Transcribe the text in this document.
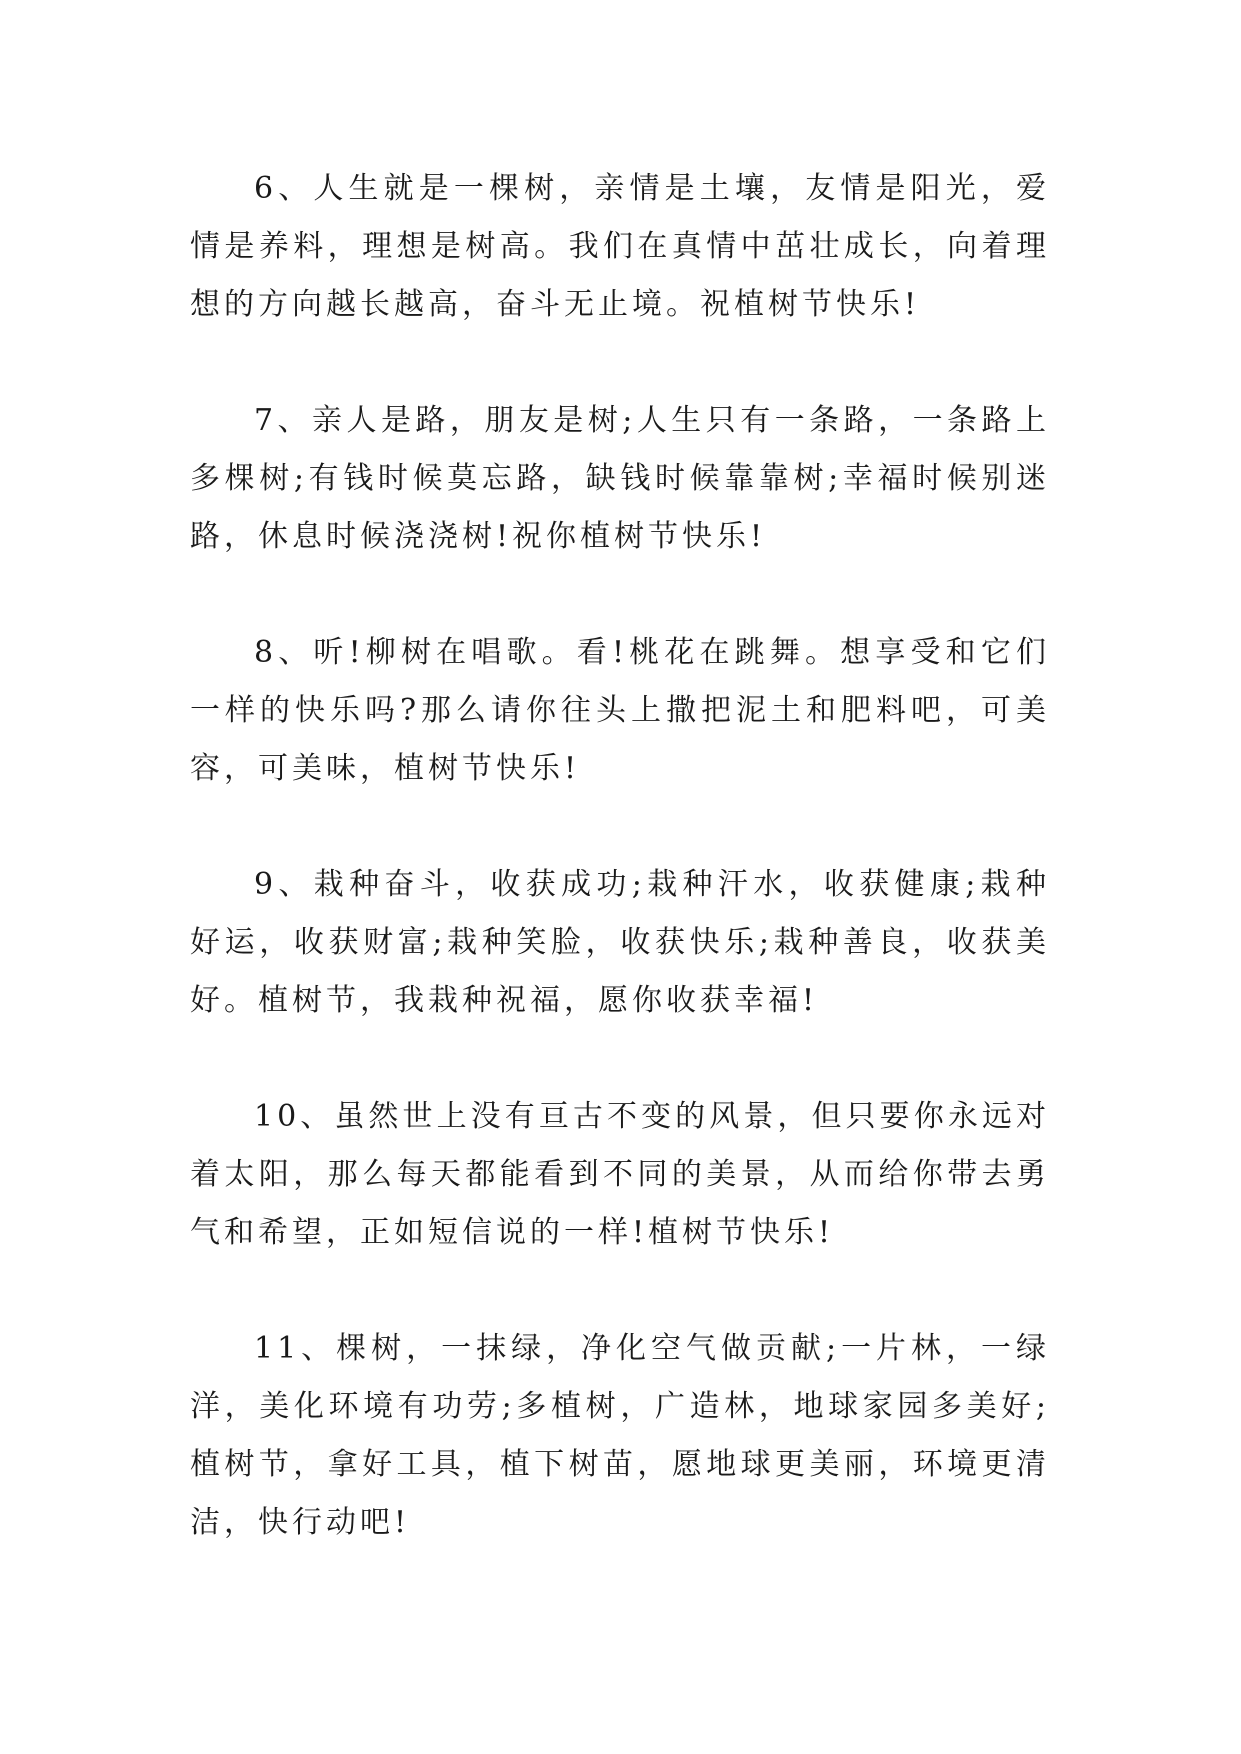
6、人生就是一棵树，亲情是土壤，友情是阳光，爱情是养料，理想是树高。我们在真情中茁壮成长，向着理想的方向越长越高，奋斗无止境。祝植树节快乐!

7、亲人是路，朋友是树;人生只有一条路，一条路上多棵树;有钱时候莫忘路，缺钱时候靠靠树;幸福时候别迷路，休息时候浇浇树!祝你植树节快乐!

8、听!柳树在唱歌。看!桃花在跳舞。想享受和它们一样的快乐吗?那么请你往头上撒把泥土和肥料吧，可美容，可美味，植树节快乐!

9、栽种奋斗，收获成功;栽种汗水，收获健康;栽种好运，收获财富;栽种笑脸，收获快乐;栽种善良，收获美好。植树节，我栽种祝福，愿你收获幸福!

10、虽然世上没有亘古不变的风景，但只要你永远对着太阳，那么每天都能看到不同的美景，从而给你带去勇气和希望，正如短信说的一样!植树节快乐!

11、棵树，一抹绿，净化空气做贡献;一片林，一绿洋，美化环境有功劳;多植树，广造林，地球家园多美好;植树节，拿好工具，植下树苗，愿地球更美丽，环境更清洁，快行动吧!
